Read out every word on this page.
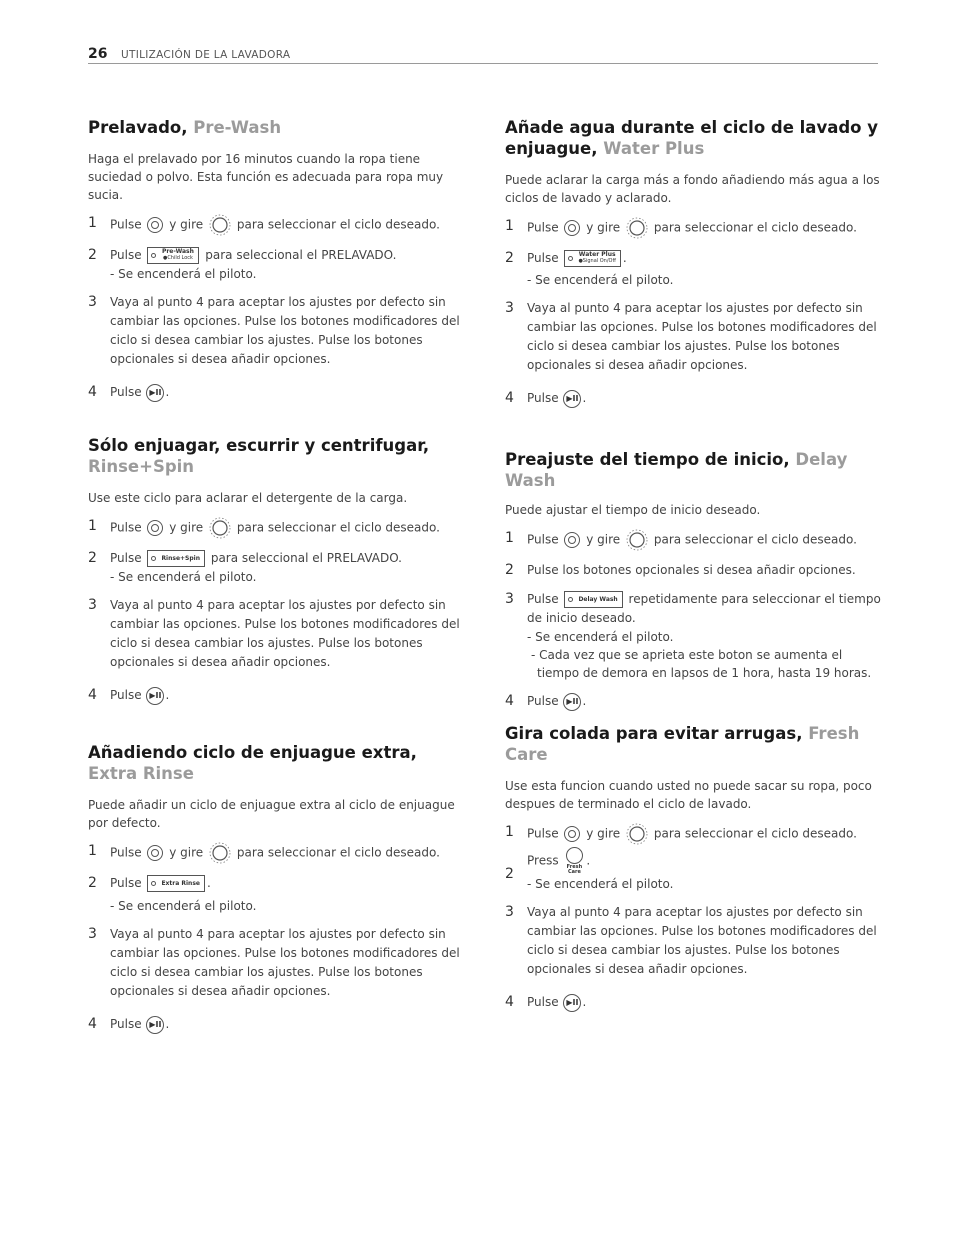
26 UTILIZACIÓN DE LA LAVADORA
Prelavado, Pre-Wash

Haga el prelavado por 16 minutos cuando la ropa tiene suciedad o polvo. Esta función es adecuada para ropa muy sucia.

1 Pulse y gire	para seleccionar el ciclo deseado.
2 Pulse	Pre-Wash
●Child Lock para seleccional el PRELAVADO.
- Se encenderá el piloto.
3 Vaya al punto 4 para aceptar los ajustes por defecto sin cambiar las opciones. Pulse los botones modificadores del ciclo si desea cambiar los ajustes. Pulse los botones opcionales si desea añadir opciones.
4 Pulse ▶II .
Sólo enjuagar, escurrir y centrifugar,
Rinse+Spin

Use este ciclo para aclarar el detergente de la carga.

1 Pulse y gire	para seleccionar el ciclo deseado.
2 Pulse	Rinse+Spin para seleccional el PRELAVADO.
- Se encenderá el piloto.
3 Vaya al punto 4 para aceptar los ajustes por defecto sin cambiar las opciones. Pulse los botones modificadores del ciclo si desea cambiar los ajustes. Pulse los botones opcionales si desea añadir opciones.
4 Pulse ▶II .
Añadiendo ciclo de enjuague extra, Extra Rinse

Puede añadir un ciclo de enjuague extra al ciclo de enjuague por defecto.

1 Pulse y gire	para seleccionar el ciclo deseado.
2 Pulse	Extra Rinse .
- Se encenderá el piloto.
3 Vaya al punto 4 para aceptar los ajustes por defecto sin cambiar las opciones. Pulse los botones modificadores del ciclo si desea cambiar los ajustes. Pulse los botones opcionales si desea añadir opciones.
4 Pulse ▶II .
Añade agua durante el ciclo de lavado y enjuague, Water Plus

Puede aclarar la carga más a fondo añadiendo más agua a los ciclos de lavado y aclarado.

1 Pulse y gire	para seleccionar el ciclo deseado.
2 Pulse	Water Plus
●Signal On/Off .
- Se encenderá el piloto.
3 Vaya al punto 4 para aceptar los ajustes por defecto sin cambiar las opciones. Pulse los botones modificadores del ciclo si desea cambiar los ajustes. Pulse los botones opcionales si desea añadir opciones.
4 Pulse ▶II .
Preajuste del tiempo de inicio, Delay Wash

Puede ajustar el tiempo de inicio deseado.

1 Pulse y gire	para seleccionar el ciclo deseado.
2 Pulse los botones opcionales si desea añadir opciones.
3 Pulse	Delay Wash repetidamente para seleccionar el tiempo de inicio deseado.
- Se encenderá el piloto.
- Cada vez que se aprieta este boton se aumenta el tiempo de demora en lapsos de 1 hora, hasta 19 horas.
4 Pulse ▶II .
Gira colada para evitar arrugas, Fresh Care

Use esta funcion cuando usted no puede sacar su ropa, poco despues de terminado el ciclo de lavado.

1 Pulse y gire	para seleccionar el ciclo deseado.
2
Press	Fresh Care
.
- Se encenderá el piloto.
3 Vaya al punto 4 para aceptar los ajustes por defecto sin cambiar las opciones. Pulse los botones modificadores del ciclo si desea cambiar los ajustes. Pulse los botones opcionales si desea añadir opciones.
4 Pulse ▶II .
